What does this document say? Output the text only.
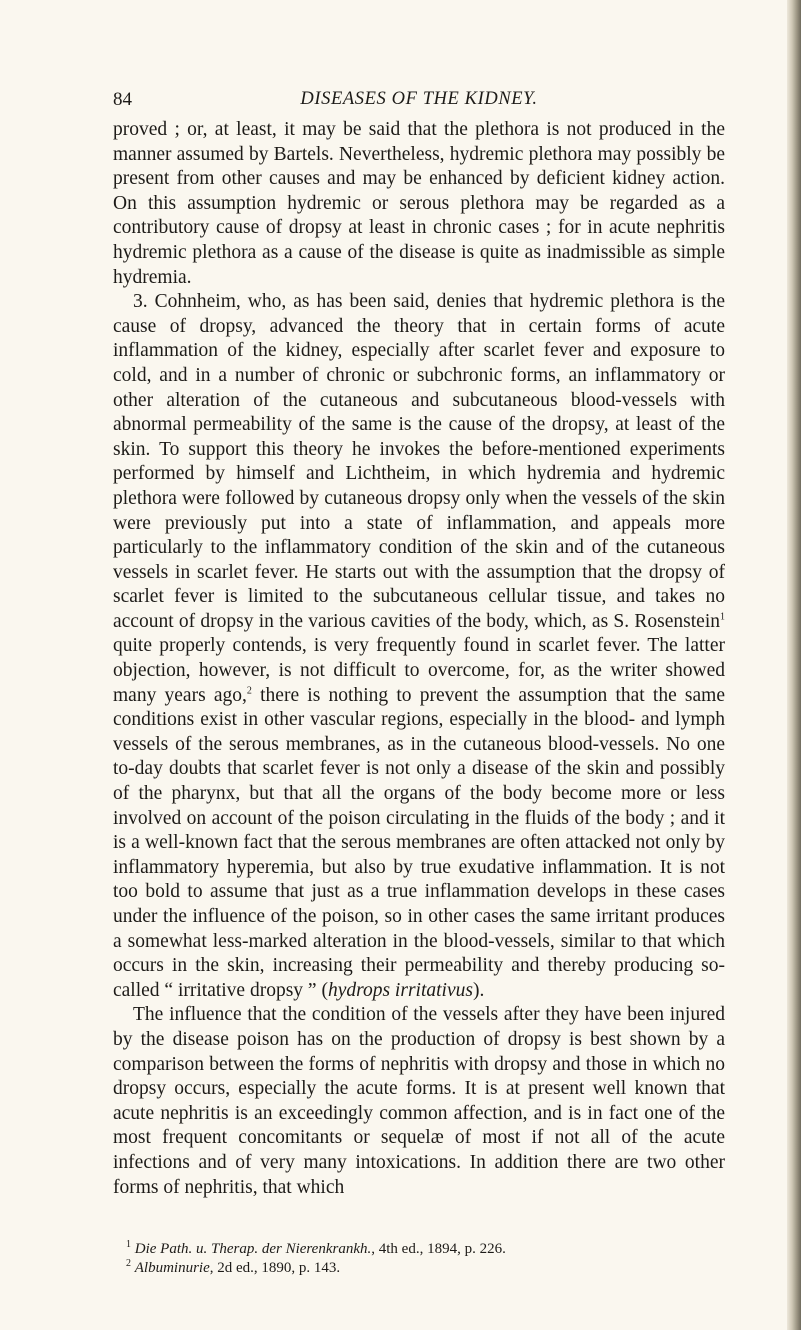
84	DISEASES OF THE KIDNEY.

proved ; or, at least, it may be said that the plethora is not produced in the manner assumed by Bartels. Nevertheless, hydremic plethora may possibly be present from other causes and may be enhanced by deficient kidney action. On this assumption hydremic or serous plethora may be regarded as a contributory cause of dropsy at least in chronic cases ; for in acute nephritis hydremic plethora as a cause of the disease is quite as inadmissible as simple hydremia.

3. Cohnheim, who, as has been said, denies that hydremic plethora is the cause of dropsy, advanced the theory that in certain forms of acute inflammation of the kidney, especially after scarlet fever and exposure to cold, and in a number of chronic or subchronic forms, an inflammatory or other alteration of the cutaneous and subcutaneous blood-vessels with abnormal permeability of the same is the cause of the dropsy, at least of the skin. To support this theory he invokes the before-mentioned experiments performed by himself and Lichtheim, in which hydremia and hydremic plethora were followed by cutaneous dropsy only when the vessels of the skin were previously put into a state of inflammation, and appeals more particularly to the inflammatory condition of the skin and of the cutaneous vessels in scarlet fever. He starts out with the assumption that the dropsy of scarlet fever is limited to the subcutaneous cellular tissue, and takes no account of dropsy in the various cavities of the body, which, as S. Rosenstein$^1$ quite properly contends, is very frequently found in scarlet fever. The latter objection, however, is not difficult to overcome, for, as the writer showed many years ago,$^2$ there is nothing to prevent the assumption that the same conditions exist in other vascular regions, especially in the blood- and lymph vessels of the serous membranes, as in the cutaneous blood-vessels. No one to-day doubts that scarlet fever is not only a disease of the skin and possibly of the pharynx, but that all the organs of the body become more or less involved on account of the poison circulating in the fluids of the body ; and it is a well-known fact that the serous membranes are often attacked not only by inflammatory hyperemia, but also by true exudative inflammation. It is not too bold to assume that just as a true inflammation develops in these cases under the influence of the poison, so in other cases the same irritant produces a somewhat less-marked alteration in the blood-vessels, similar to that which occurs in the skin, increasing their permeability and thereby producing so-called “ irritative dropsy ” (hydrops irritativus).

The influence that the condition of the vessels after they have been injured by the disease poison has on the production of dropsy is best shown by a comparison between the forms of nephritis with dropsy and those in which no dropsy occurs, especially the acute forms. It is at present well known that acute nephritis is an exceedingly common affection, and is in fact one of the most frequent concomitants or sequelæ of most if not all of the acute infections and of very many intoxications. In addition there are two other forms of nephritis, that which

$^1$ Die Path. u. Therap. der Nierenkrankh., 4th ed., 1894, p. 226.

$^2$ Albuminurie, 2d ed., 1890, p. 143.
